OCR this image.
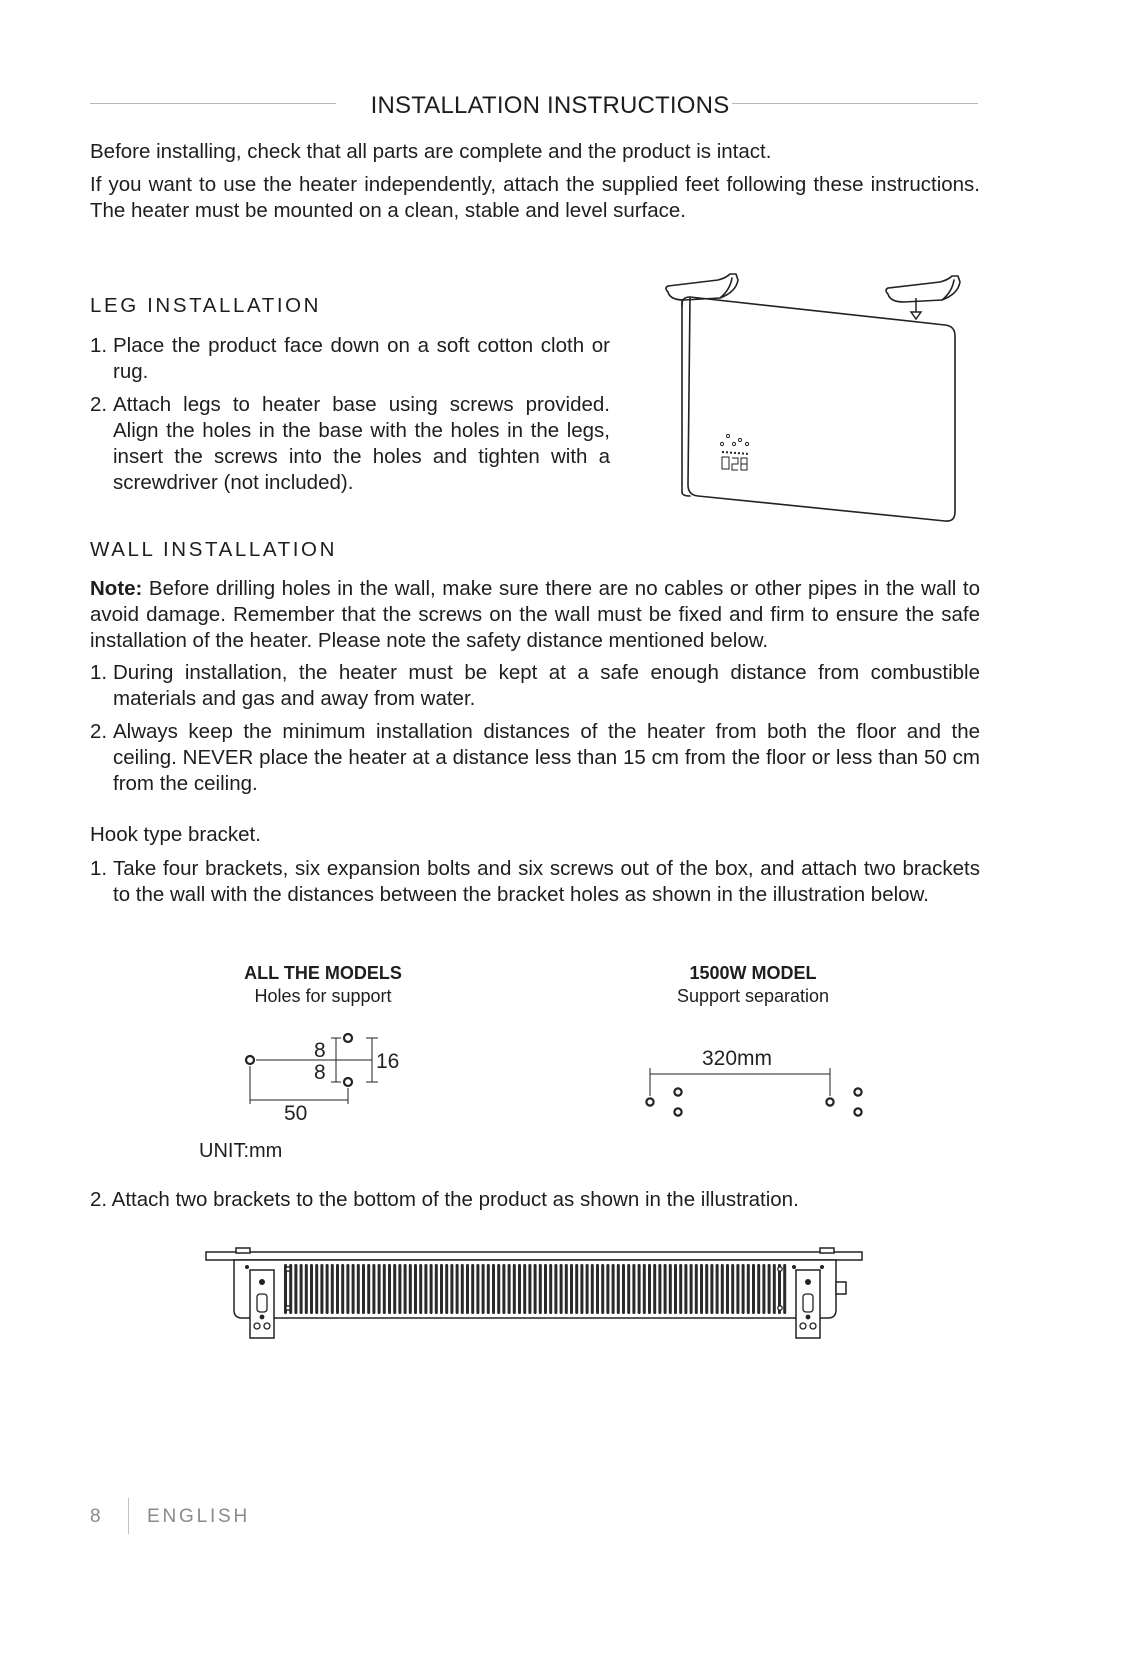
INSTALLATION INSTRUCTIONS
Before installing, check that all parts are complete and the product is intact.
If you want to use the heater independently, attach the supplied feet following these instructions. The heater must be mounted on a clean, stable and level surface.
LEG INSTALLATION
1. Place the product face down on a soft cotton cloth or rug.
2. Attach legs to heater base using screws provided. Align the holes in the base with the holes in the legs, insert the screws into the holes and tighten with a screwdriver (not included).
WALL INSTALLATION
Note: Before drilling holes in the wall, make sure there are no cables or other pipes in the wall to avoid damage. Remember that the screws on the wall must be fixed and firm to ensure the safe installation of the heater. Please note the safety distance mentioned below.
1. During installation, the heater must be kept at a safe enough distance from combustible materials and gas and away from water.
2. Always keep the minimum installation distances of the heater from both the floor and the ceiling. NEVER place the heater at a distance less than 15 cm from the floor or less than 50 cm from the ceiling.
Hook type bracket.
1. Take four brackets, six expansion bolts and six screws out of the box, and attach two brackets to the wall with the distances between the bracket holes as shown in the illustration below.
ALL THE MODELS
Holes for support
8
8 16
50
UNIT:mm
1500W MODEL
Support separation
320mm
2. Attach two brackets to the bottom of the product as shown in the illustration.
8 ENGLISH
